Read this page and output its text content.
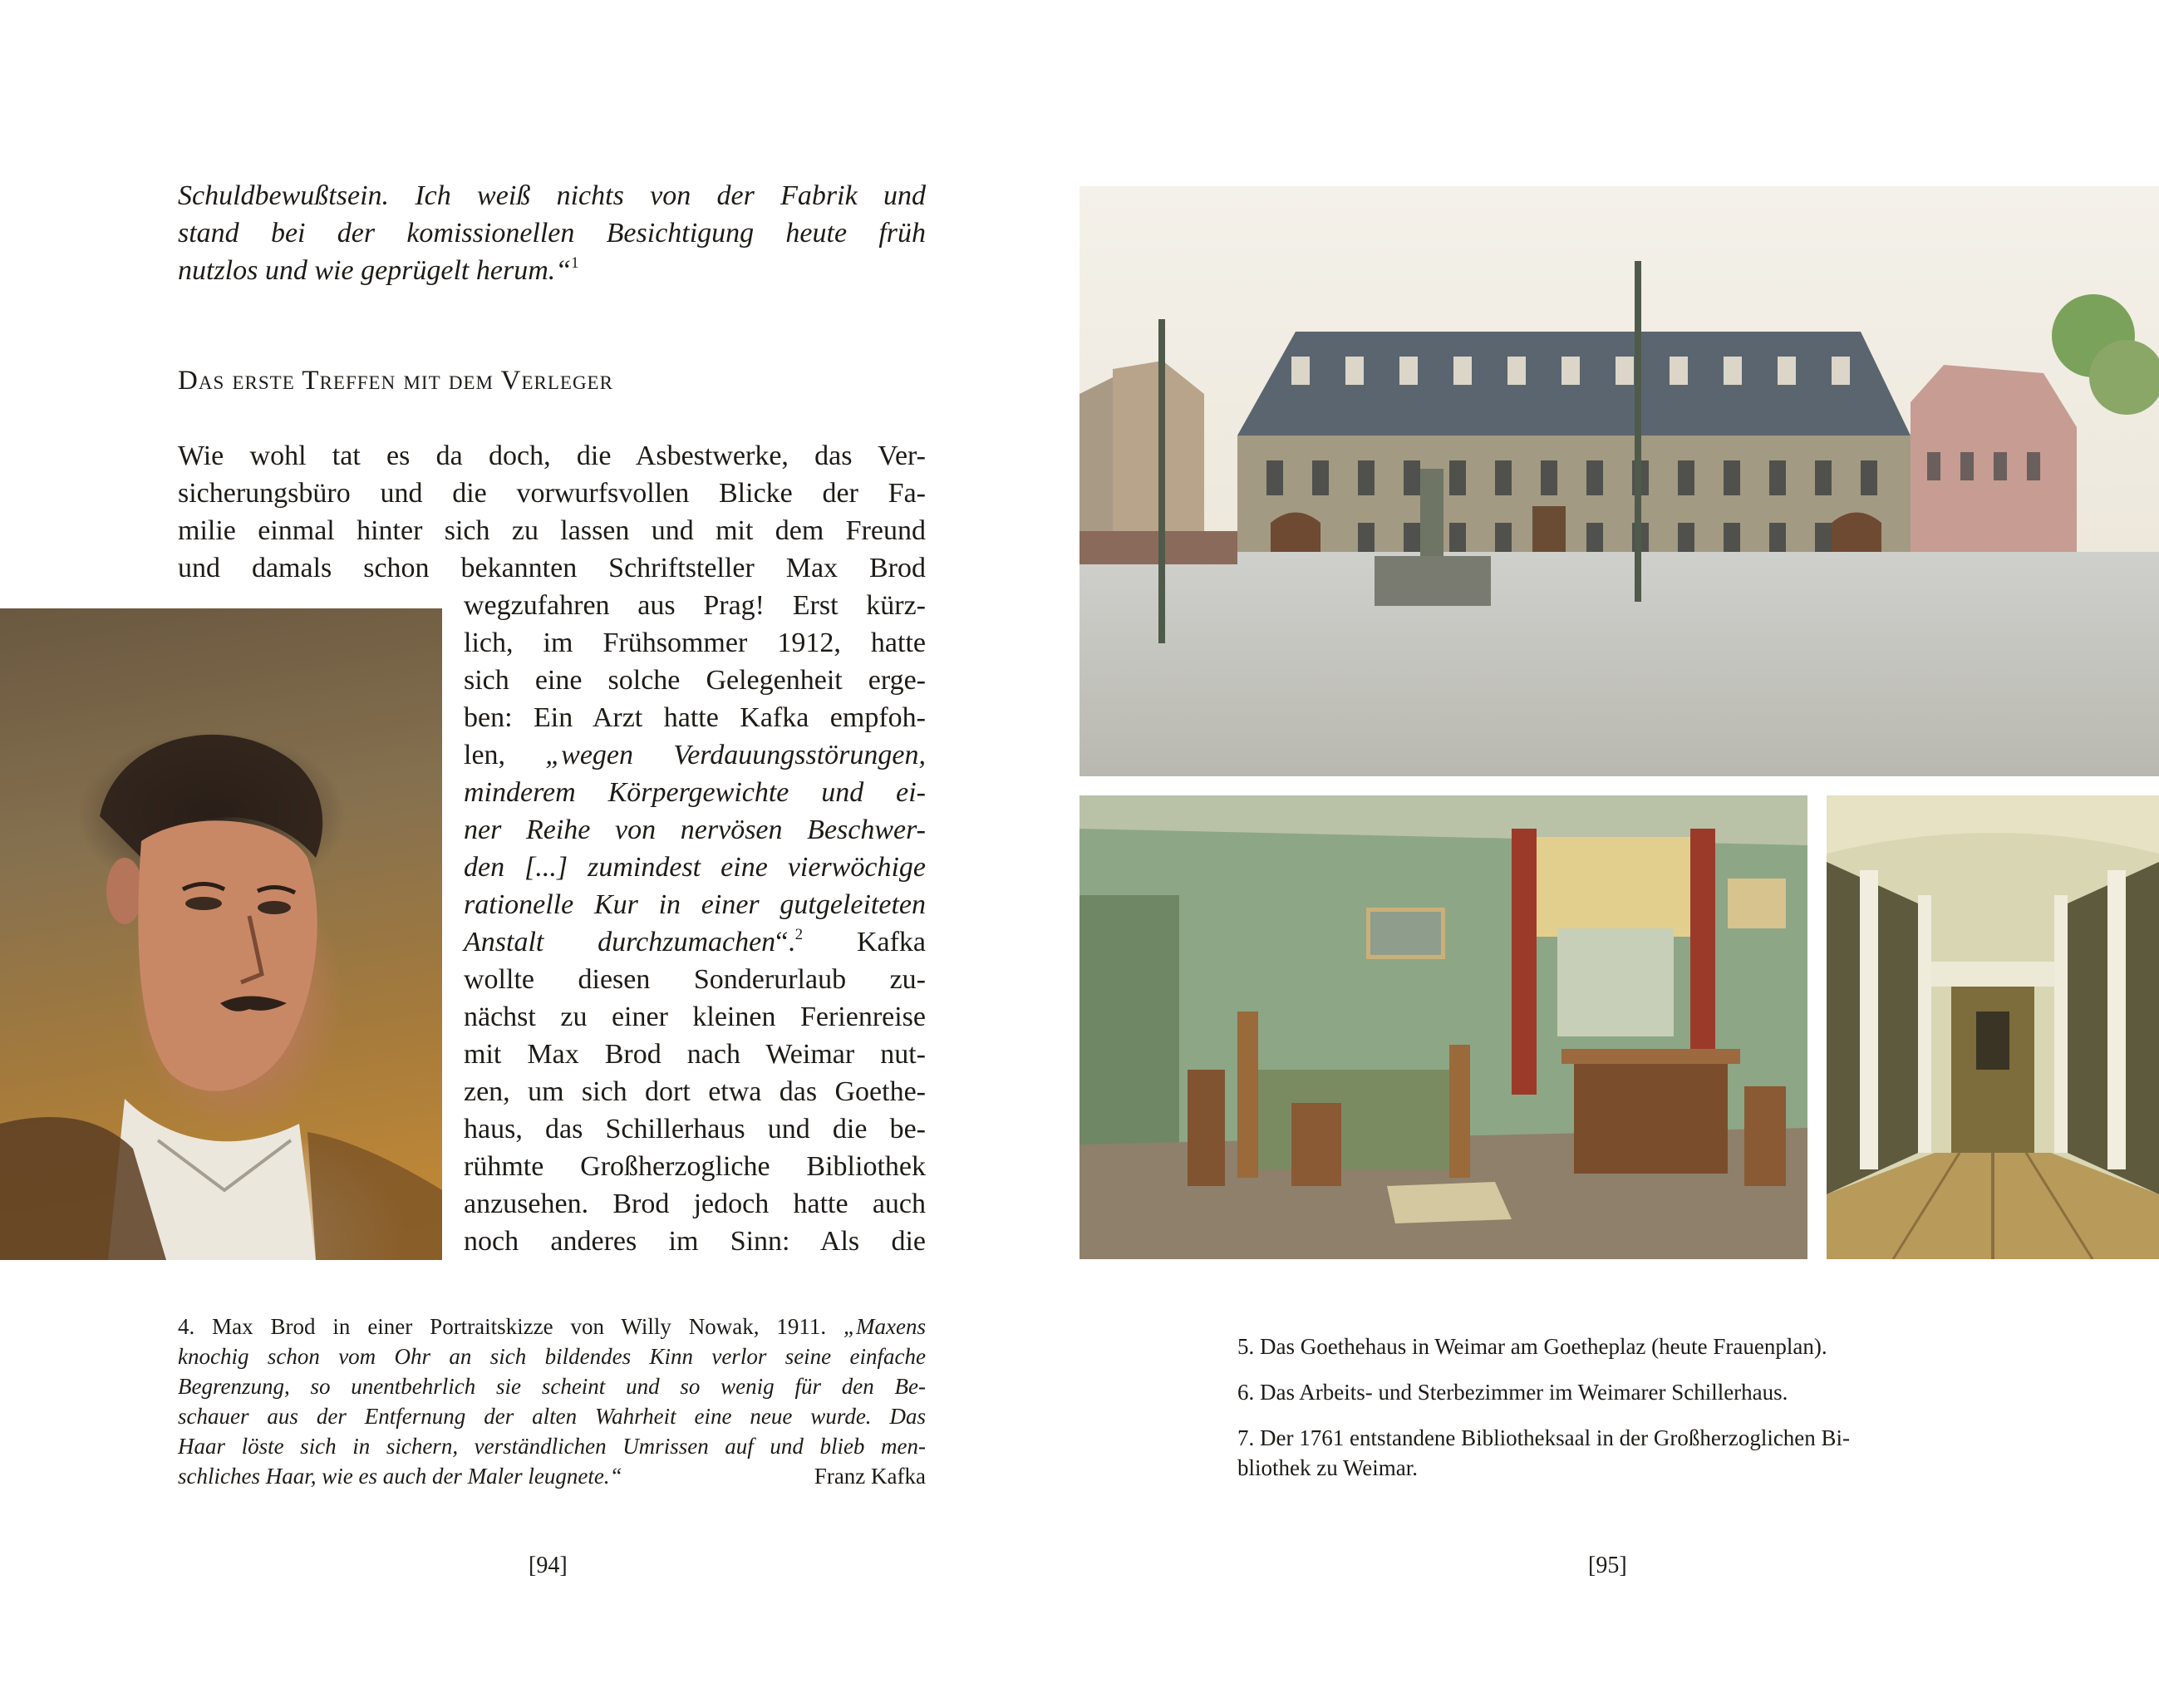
Schuldbewußtsein. Ich weiß nichts von der Fabrik und
stand bei der komissionellen Besichtigung heute früh
nutzlos und wie geprügelt herum.“$^1$
Das erste Treffen mit dem Verleger
Wie wohl tat es da doch, die Asbestwerke, das Ver-
sicherungsbüro und die vorwurfsvollen Blicke der Fa-
milie einmal hinter sich zu lassen und mit dem Freund
und damals schon bekannten Schriftsteller Max Brod
wegzufahren aus Prag! Erst kürz-
lich, im Frühsommer 1912, hatte
sich eine solche Gelegenheit erge-
ben: Ein Arzt hatte Kafka empfoh-
len, „wegen Verdauungsstörungen,
minderem Körpergewichte und ei-
ner Reihe von nervösen Beschwer-
den [...] zumindest eine vierwöchige
rationelle Kur in einer gutgeleiteten
Anstalt durchzumachen“.$^2$ Kafka
wollte diesen Sonderurlaub zu-
nächst zu einer kleinen Ferienreise
mit Max Brod nach Weimar nut-
zen, um sich dort etwa das Goethe-
haus, das Schillerhaus und die be-
rühmte Großherzogliche Bibliothek
anzusehen. Brod jedoch hatte auch
noch anderes im Sinn: Als die
4. Max Brod in einer Portraitskizze von Willy Nowak, 1911. „Maxens
knochig schon vom Ohr an sich bildendes Kinn verlor seine einfache
Begrenzung, so unentbehrlich sie scheint und so wenig für den Be-
schauer aus der Entfernung der alten Wahrheit eine neue wurde. Das
Haar löste sich in sichern, verständlichen Umrissen auf und blieb men-
schliches Haar, wie es auch der Maler leugnete.“	Franz Kafka
[94]

5. Das Goethehaus in Weimar am Goetheplaz (heute Frauenplan).

6. Das Arbeits- und Sterbezimmer im Weimarer Schillerhaus.

7. Der 1761 entstandene Bibliotheksaal in der Großherzoglichen Bi-
bliothek zu Weimar.

[95]
